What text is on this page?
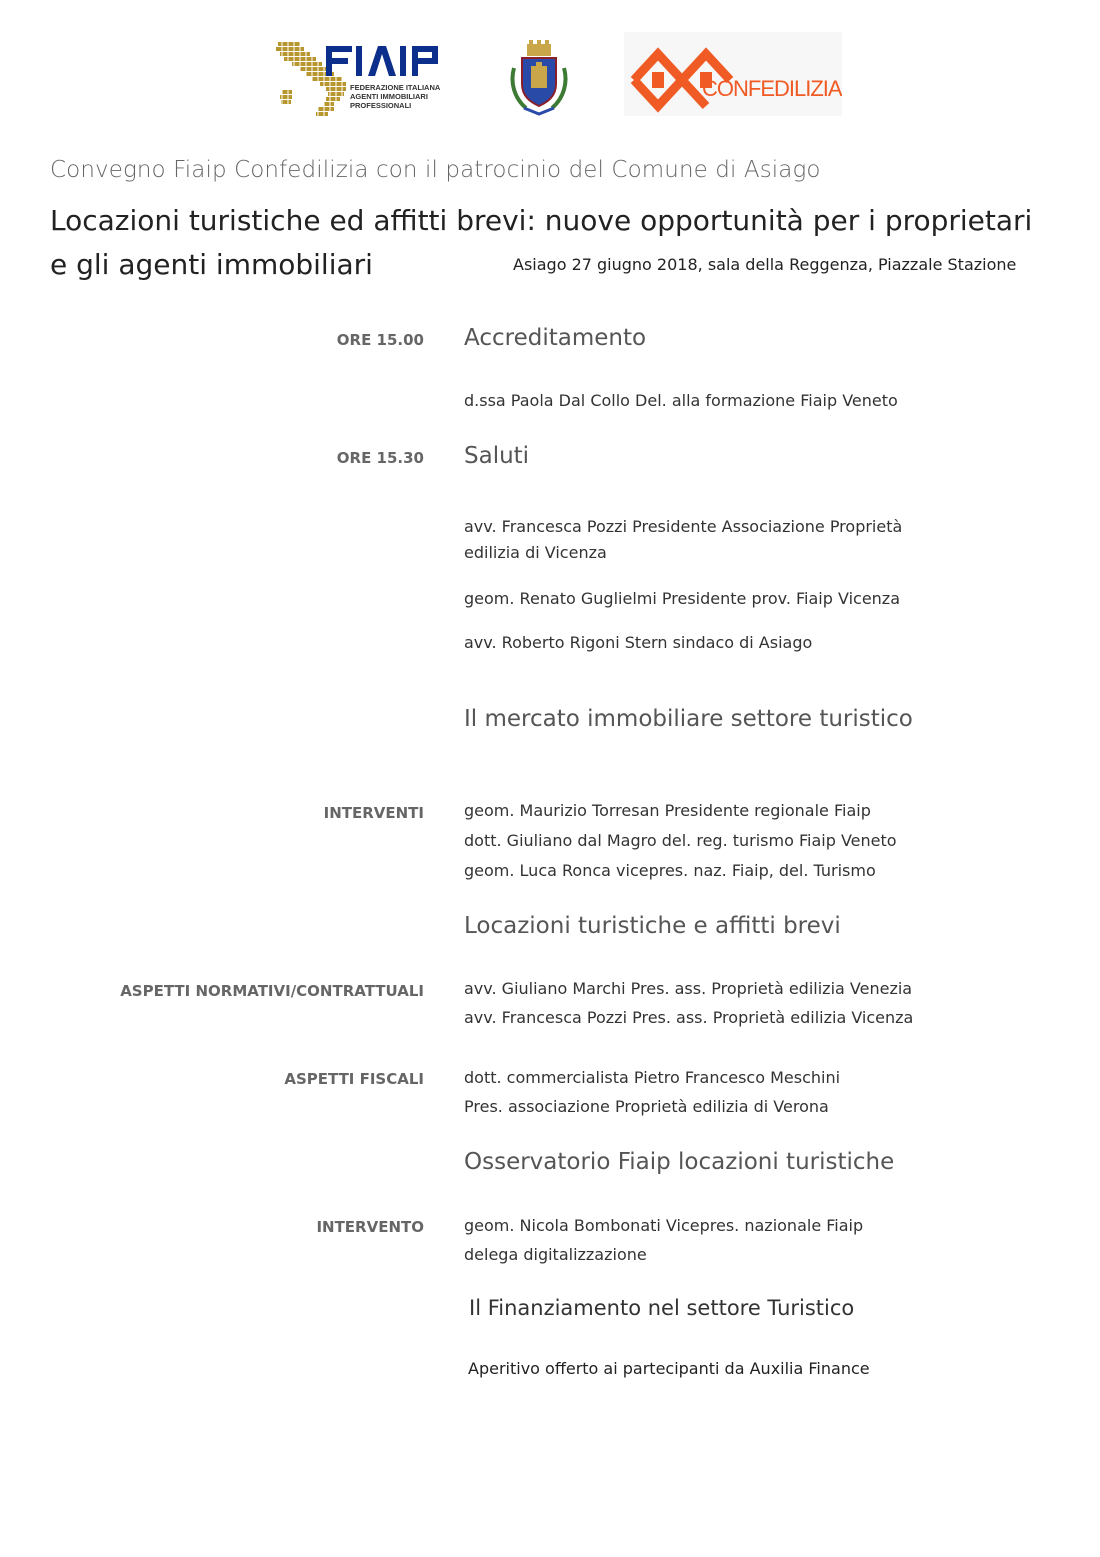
FEDERAZIONE ITALIANA
AGENTI IMMOBILIARI
PROFESSIONALI
CONFEDILIZIA
Convegno Fiaip Confedilizia con il patrocinio del Comune di Asiago
Locazioni turistiche ed affitti brevi: nuove opportunità per i proprietari
e gli agenti immobiliari	Asiago 27 giugno 2018, sala della Reggenza, Piazzale Stazione
ORE 15.00 Accreditamento
d.ssa Paola Dal Collo Del. alla formazione Fiaip Veneto
ORE 15.30 Saluti
avv. Francesca Pozzi Presidente Associazione Proprietà edilizia di Vicenza
geom. Renato Guglielmi Presidente prov. Fiaip Vicenza
avv. Roberto Rigoni Stern sindaco di Asiago
Il mercato immobiliare settore turistico
INTERVENTI	geom. Maurizio Torresan Presidente regionale Fiaip
dott. Giuliano dal Magro del. reg. turismo Fiaip Veneto
geom. Luca Ronca vicepres. naz. Fiaip, del. Turismo
Locazioni turistiche e affitti brevi
ASPETTI NORMATIVI/CONTRATTUALI	avv. Giuliano Marchi Pres. ass. Proprietà edilizia Venezia
avv. Francesca Pozzi Pres. ass. Proprietà edilizia Vicenza
ASPETTI FISCALI	dott. commercialista Pietro Francesco Meschini
Pres. associazione Proprietà edilizia di Verona
Osservatorio Fiaip locazioni turistiche
INTERVENTO	geom. Nicola Bombonati Vicepres. nazionale Fiaip
delega digitalizzazione
Il Finanziamento nel settore Turistico
Aperitivo offerto ai partecipanti da Auxilia Finance
